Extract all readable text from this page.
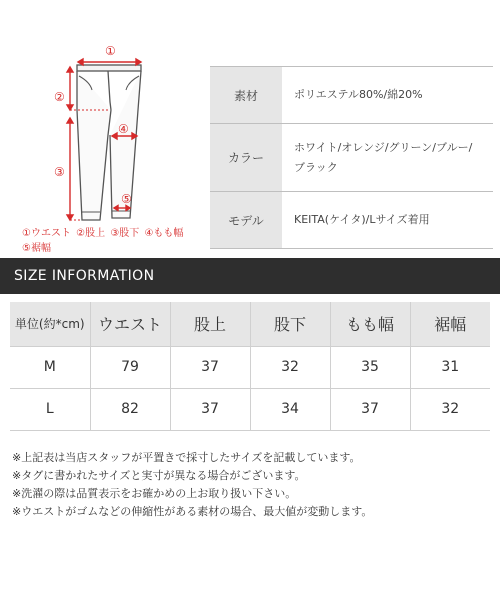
①
②
③
④
⑤
①ウエスト ②股上 ③股下 ④もも幅
⑤裾幅
素材	ポリエステル80%/綿20%
カラー	ホワイト/オレンジ/グリーン/ブルー/
ブラック
モデル	KEITA(ケイタ)/Lサイズ着用
SIZE INFORMATION
単位(約*cm)	ウエスト	股上	股下	もも幅	裾幅
M	79	37	32	35	31
L	82	37	34	37	32
※上記表は当店スタッフが平置きで採寸したサイズを記載しています。
※タグに書かれたサイズと実寸が異なる場合がございます。
※洗濯の際は品質表示をお確かめの上お取り扱い下さい。
※ウエストがゴムなどの伸縮性がある素材の場合、最大値が変動します。
